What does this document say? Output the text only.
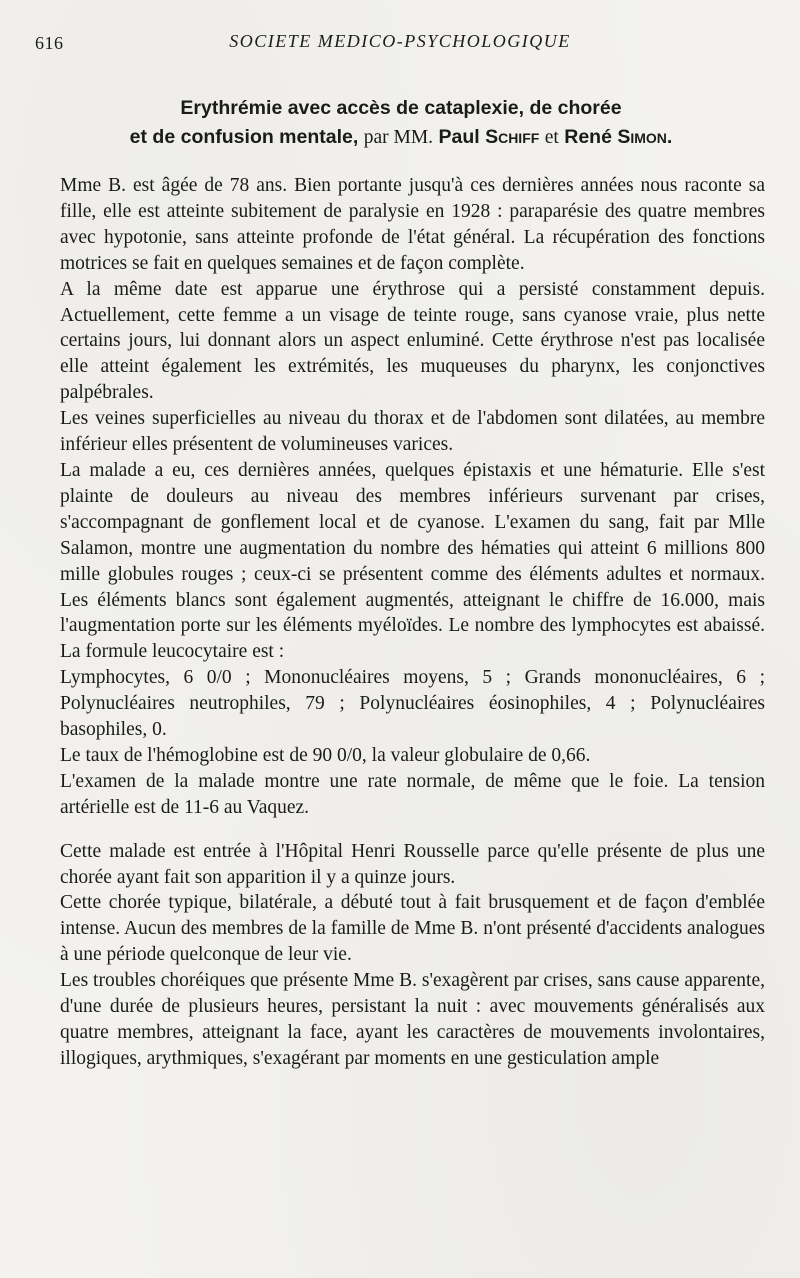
616	SOCIETE MEDICO-PSYCHOLOGIQUE
Erythrémie avec accès de cataplexie, de chorée
et de confusion mentale, par MM. Paul Schiff et René Simon.

Mme B. est âgée de 78 ans. Bien portante jusqu'à ces dernières années nous raconte sa fille, elle est atteinte subitement de paralysie en 1928 : paraparésie des quatre membres avec hypotonie, sans atteinte profonde de l'état général. La récupération des fonctions motrices se fait en quelques semaines et de façon complète.

A la même date est apparue une érythrose qui a persisté constamment depuis. Actuellement, cette femme a un visage de teinte rouge, sans cyanose vraie, plus nette certains jours, lui donnant alors un aspect enluminé. Cette érythrose n'est pas localisée elle atteint également les extrémités, les muqueuses du pharynx, les conjonctives palpébrales.

Les veines superficielles au niveau du thorax et de l'abdomen sont dilatées, au membre inférieur elles présentent de volumineuses varices.

La malade a eu, ces dernières années, quelques épistaxis et une hématurie. Elle s'est plainte de douleurs au niveau des membres inférieurs survenant par crises, s'accompagnant de gonflement local et de cyanose. L'examen du sang, fait par Mlle Salamon, montre une augmentation du nombre des hématies qui atteint 6 millions 800 mille globules rouges ; ceux-ci se présentent comme des éléments adultes et normaux. Les éléments blancs sont également augmentés, atteignant le chiffre de 16.000, mais l'augmentation porte sur les éléments myéloïdes. Le nombre des lymphocytes est abaissé. La formule leucocytaire est :

Lymphocytes, 6 0/0 ; Mononucléaires moyens, 5 ; Grands mononucléaires, 6 ; Polynucléaires neutrophiles, 79 ; Polynucléaires éosinophiles, 4 ; Polynucléaires basophiles, 0.

Le taux de l'hémoglobine est de 90 0/0, la valeur globulaire de 0,66.

L'examen de la malade montre une rate normale, de même que le foie. La tension artérielle est de 11-6 au Vaquez.

Cette malade est entrée à l'Hôpital Henri Rousselle parce qu'elle présente de plus une chorée ayant fait son apparition il y a quinze jours.

Cette chorée typique, bilatérale, a débuté tout à fait brusquement et de façon d'emblée intense. Aucun des membres de la famille de Mme B. n'ont présenté d'accidents analogues à une période quelconque de leur vie.

Les troubles choréiques que présente Mme B. s'exagèrent par crises, sans cause apparente, d'une durée de plusieurs heures, persistant la nuit : avec mouvements généralisés aux quatre membres, atteignant la face, ayant les caractères de mouvements involontaires, illogiques, arythmiques, s'exagérant par moments en une gesticulation ample
